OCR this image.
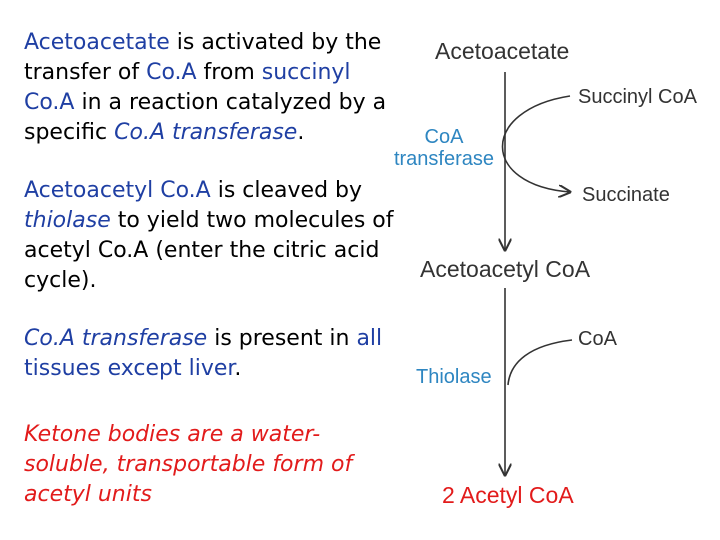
Acetoacetate is activated by the transfer of Co.A from succinyl Co.A in a reaction catalyzed by a specific Co.A transferase.

Acetoacetyl Co.A is cleaved by thiolase to yield two molecules of acetyl Co.A (enter the citric acid cycle).

Co.A transferase is present in all tissues except liver.

Ketone bodies are a water-soluble, transportable form of acetyl units

Acetoacetate
Succinyl CoA
CoA
transferase
Succinate
Acetoacetyl CoA
CoA
Thiolase
2 Acetyl CoA
